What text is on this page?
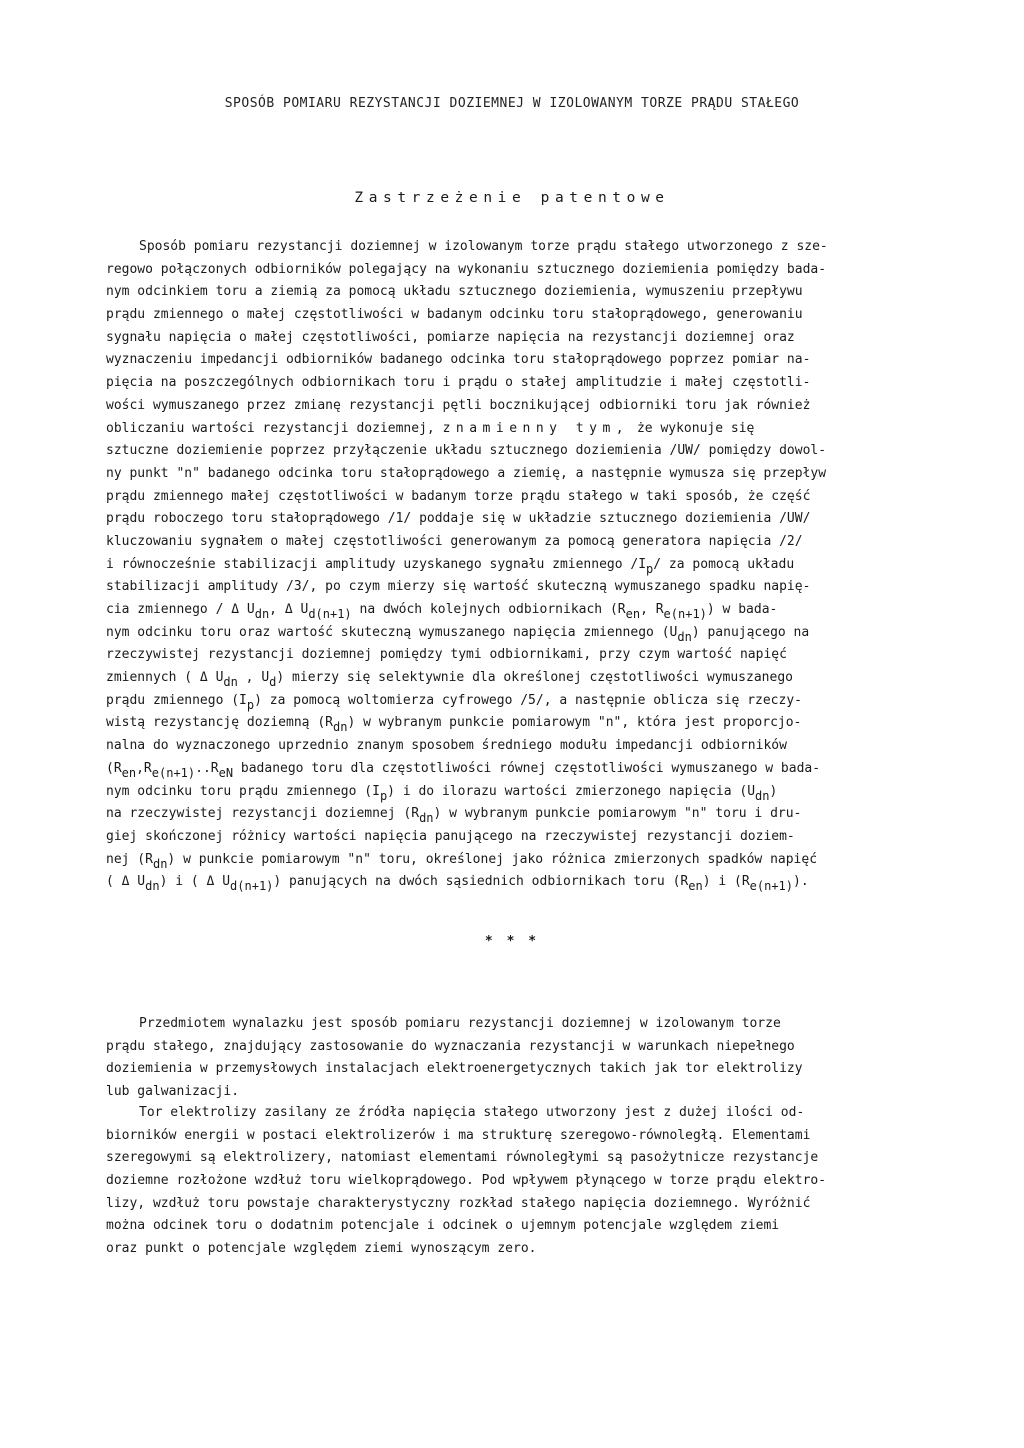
SPOSÓB POMIARU REZYSTANCJI DOZIEMNEJ W IZOLOWANYM TORZE PRĄDU STAŁEGO
Zastrzeżenie patentowe
Sposób pomiaru rezystancji doziemnej w izolowanym torze prądu stałego utworzonego z sze-
regowo połączonych odbiorników polegający na wykonaniu sztucznego doziemienia pomiędzy bada-
nym odcinkiem toru a ziemią za pomocą układu sztucznego doziemienia, wymuszeniu przepływu
prądu zmiennego o małej częstotliwości w badanym odcinku toru stałoprądowego, generowaniu
sygnału napięcia o małej częstotliwości, pomiarze napięcia na rezystancji doziemnej oraz
wyznaczeniu impedancji odbiorników badanego odcinka toru stałoprądowego poprzez pomiar na-
pięcia na poszczególnych odbiornikach toru i prądu o stałej amplitudzie i małej częstotli-
wości wymuszanego przez zmianę rezystancji pętli bocznikującej odbiorniki toru jak również
obliczaniu wartości rezystancji doziemnej, znamienny tym, że wykonuje się
sztuczne doziemienie poprzez przyłączenie układu sztucznego doziemienia /UW/ pomiędzy dowol-
ny punkt "n" badanego odcinka toru stałoprądowego a ziemię, a następnie wymusza się przepływ
prądu zmiennego małej częstotliwości w badanym torze prądu stałego w taki sposób, że część
prądu roboczego toru stałoprądowego /1/ poddaje się w układzie sztucznego doziemienia /UW/
kluczowaniu sygnałem o małej częstotliwości generowanym za pomocą generatora napięcia /2/
i równocześnie stabilizacji amplitudy uzyskanego sygnału zmiennego $/I_p/$ za pomocą układu
stabilizacji amplitudy /3/, po czym mierzy się wartość skuteczną wymuszanego spadku napię-
cia zmiennego / Δ $U_{dn}$, Δ $U_{d(n+1)}$ na dwóch kolejnych odbiornikach ($R_{en}$, $R_{e(n+1)}$) w bada-
nym odcinku toru oraz wartość skuteczną wymuszanego napięcia zmiennego $(U_{dn})$ panującego na
rzeczywistej rezystancji doziemnej pomiędzy tymi odbiornikami, przy czym wartość napięć
zmiennych ( Δ $U_{dn}$ , $U_d$) mierzy się selektywnie dla określonej częstotliwości wymuszanego
prądu zmiennego $(I_p)$ za pomocą woltomierza cyfrowego /5/, a następnie oblicza się rzeczy-
wistą rezystancję doziemną $(R_{dn})$ w wybranym punkcie pomiarowym "n", która jest proporcjo-
nalna do wyznaczonego uprzednio znanym sposobem średniego modułu impedancji odbiorników
($R_{en},R_{e(n+1)}..R_{eN}$ badanego toru dla częstotliwości równej częstotliwości wymuszanego w bada-
nym odcinku toru prądu zmiennego $(I_p)$ i do ilorazu wartości zmierzonego napięcia $(U_{dn})$
na rzeczywistej rezystancji doziemnej $(R_{dn})$ w wybranym punkcie pomiarowym "n" toru i dru-
giej skończonej różnicy wartości napięcia panującego na rzeczywistej rezystancji doziem-
nej $(R_{dn})$ w punkcie pomiarowym "n" toru, określonej jako różnica zmierzonych spadków napięć
( Δ $U_{dn}$) i ( Δ $U_{d(n+1)}$) panujących na dwóch sąsiednich odbiornikach toru $(R_{en})$ i $(R_{e(n+1)})$.
* * *
Przedmiotem wynalazku jest sposób pomiaru rezystancji doziemnej w izolowanym torze
prądu stałego, znajdujący zastosowanie do wyznaczania rezystancji w warunkach niepełnego
doziemienia w przemysłowych instalacjach elektroenergetycznych takich jak tor elektrolizy
lub galwanizacji.
Tor elektrolizy zasilany ze źródła napięcia stałego utworzony jest z dużej ilości od-
biorników energii w postaci elektrolizerów i ma strukturę szeregowo-równoległą. Elementami
szeregowymi są elektrolizery, natomiast elementami równoległymi są pasożytnicze rezystancje
doziemne rozłożone wzdłuż toru wielkoprądowego. Pod wpływem płynącego w torze prądu elektro-
lizy, wzdłuż toru powstaje charakterystyczny rozkład stałego napięcia doziemnego. Wyróżnić
można odcinek toru o dodatnim potencjale i odcinek o ujemnym potencjale względem ziemi
oraz punkt o potencjale względem ziemi wynoszącym zero.
